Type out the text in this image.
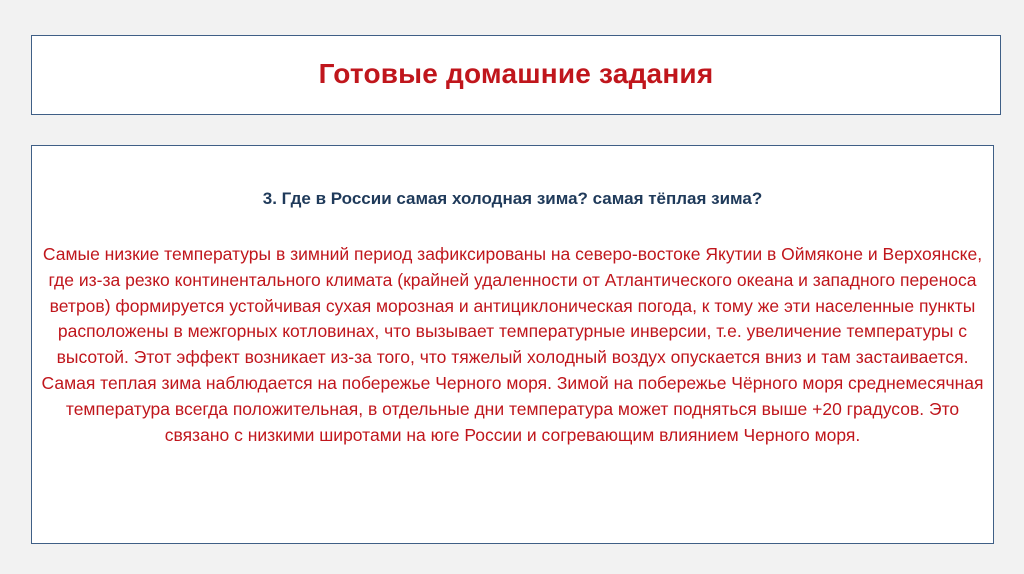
Готовые домашние задания
3. Где в России самая холодная зима? самая тёплая зима?
Самые низкие температуры в зимний период зафиксированы на северо-востоке Якутии в Оймяконе и Верхоянске, где из-за резко континентального климата (крайней удаленности от Атлантического океана и западного переноса ветров) формируется устойчивая сухая морозная и антициклоническая погода, к тому же эти населенные пункты расположены в межгорных котловинах, что вызывает температурные инверсии, т.е. увеличение температуры с высотой. Этот эффект возникает из-за того, что тяжелый холодный воздух опускается вниз и там застаивается. Самая теплая зима наблюдается на побережье Черного моря. Зимой на побережье Чёрного моря среднемесячная температура всегда положительная, в отдельные дни температура может подняться выше +20 градусов. Это связано с низкими широтами на юге России и согревающим влиянием Черного моря.
